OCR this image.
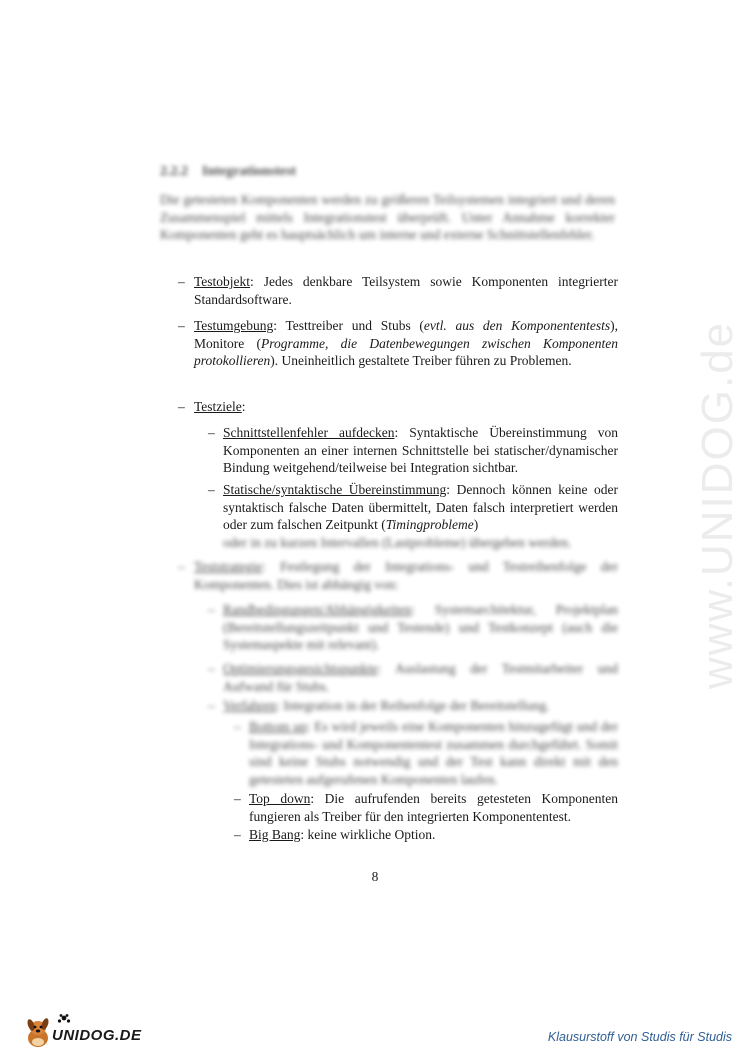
www.UNIDOG.de
2.2.2 Integrationstest
Die getesteten Komponenten werden zu größeren Teilsystemen integriert und deren Zusammenspiel mittels Integrationstest überprüft. Unter Annahme korrekter Komponenten geht es hauptsächlich um interne und externe Schnittstellenfehler.
– Testobjekt: Jedes denkbare Teilsystem sowie Komponenten integrierter Standardsoftware.
– Testumgebung: Testtreiber und Stubs (evtl. aus den Komponententests), Monitore (Programme, die Datenbewegungen zwischen Komponenten protokollieren). Uneinheitlich gestaltete Treiber führen zu Problemen.
– Testziele:
– Schnittstellenfehler aufdecken: Syntaktische Übereinstimmung von Komponenten an einer internen Schnittstelle bei statischer/dynamischer Bindung weitgehend/teilweise bei Integration sichtbar.
– Statische/syntaktische Übereinstimmung: Dennoch können keine oder syntaktisch falsche Daten übermittelt, Daten falsch interpretiert werden oder zum falschen Zeitpunkt (Timingprobleme)
oder in zu kurzen Intervallen (Lastprobleme) übergeben werden.
– Teststrategie: Festlegung der Integrations- und Testreihenfolge der Komponenten. Dies ist abhängig von:
– Randbedingungen/Abhängigkeiten: Systemarchitektur, Projektplan (Bereitstellungszeitpunkt und Testende) und Testkonzept (auch die Systemaspekte mit relevant).
– Optimierungsgesichtspunkte: Auslastung der Testmitarbeiter und Aufwand für Stubs.
– Verfahren: Integration in der Reihenfolge der Bereitstellung.
– Bottom up: Es wird jeweils eine Komponenten hinzugefügt und der Integrations- und Komponententest zusammen durchgeführt. Somit sind keine Stubs notwendig und der Test kann direkt mit den getesteten aufgerufenen Komponenten laufen.
– Top down: Die aufrufenden bereits getesteten Komponenten fungieren als Treiber für den integrierten Komponententest.
– Big Bang: keine wirkliche Option.
8
UNIDOG.DE	Klausurstoff von Studis für Studis
